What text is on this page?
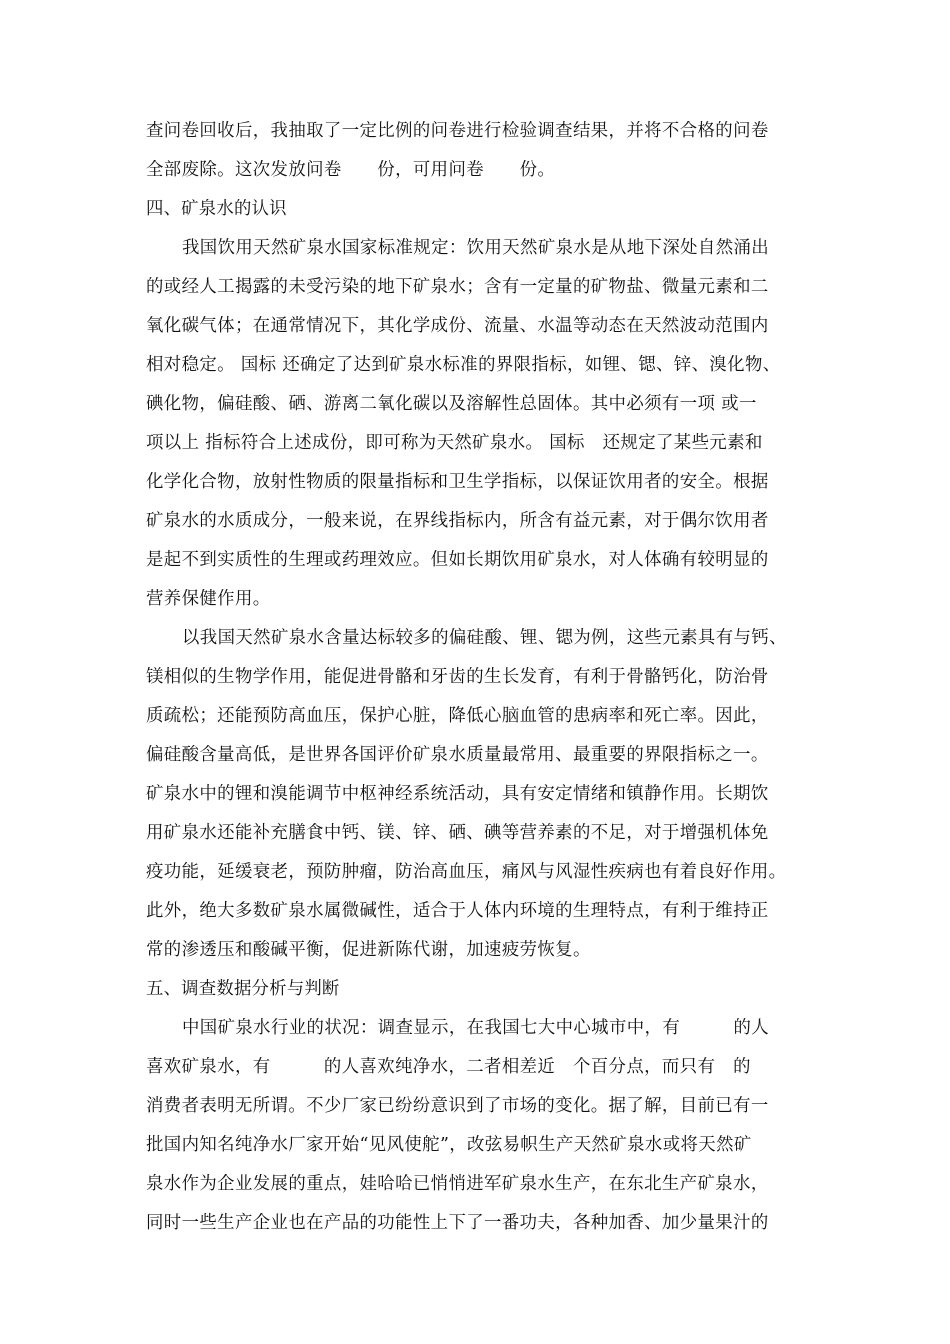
查问卷回收后，我抽取了一定比例的问卷进行检验调查结果，并将不合格的问卷
全部废除。这次发放问卷　　份，可用问卷　　份。
四、矿泉水的认识
我国饮用天然矿泉水国家标准规定：饮用天然矿泉水是从地下深处自然涌出
的或经人工揭露的未受污染的地下矿泉水；含有一定量的矿物盐、微量元素和二
氧化碳气体；在通常情况下，其化学成份、流量、水温等动态在天然波动范围内
相对稳定。 国标 还确定了达到矿泉水标准的界限指标，如锂、锶、锌、溴化物、
碘化物，偏硅酸、硒、游离二氧化碳以及溶解性总固体。其中必须有一项 或一
项以上 指标符合上述成份，即可称为天然矿泉水。 国标　还规定了某些元素和
化学化合物，放射性物质的限量指标和卫生学指标，以保证饮用者的安全。根据
矿泉水的水质成分，一般来说，在界线指标内，所含有益元素，对于偶尔饮用者
是起不到实质性的生理或药理效应。但如长期饮用矿泉水，对人体确有较明显的
营养保健作用。
以我国天然矿泉水含量达标较多的偏硅酸、锂、锶为例，这些元素具有与钙、
镁相似的生物学作用，能促进骨骼和牙齿的生长发育，有利于骨骼钙化，防治骨
质疏松；还能预防高血压，保护心脏，降低心脑血管的患病率和死亡率。因此，
偏硅酸含量高低，是世界各国评价矿泉水质量最常用、最重要的界限指标之一。
矿泉水中的锂和溴能调节中枢神经系统活动，具有安定情绪和镇静作用。长期饮
用矿泉水还能补充膳食中钙、镁、锌、硒、碘等营养素的不足，对于增强机体免
疫功能，延缓衰老，预防肿瘤，防治高血压，痛风与风湿性疾病也有着良好作用。
此外，绝大多数矿泉水属微碱性，适合于人体内环境的生理特点，有利于维持正
常的渗透压和酸碱平衡，促进新陈代谢，加速疲劳恢复。
五、调查数据分析与判断
中国矿泉水行业的状况：调查显示，在我国七大中心城市中，有　　　的人
喜欢矿泉水，有　　　的人喜欢纯净水，二者相差近　个百分点，而只有　的
消费者表明无所谓。不少厂家已纷纷意识到了市场的变化。据了解，目前已有一
批国内知名纯净水厂家开始“见风使舵”，改弦易帜生产天然矿泉水或将天然矿
泉水作为企业发展的重点，娃哈哈已悄悄进军矿泉水生产，在东北生产矿泉水，
同时一些生产企业也在产品的功能性上下了一番功夫，各种加香、加少量果汁的
